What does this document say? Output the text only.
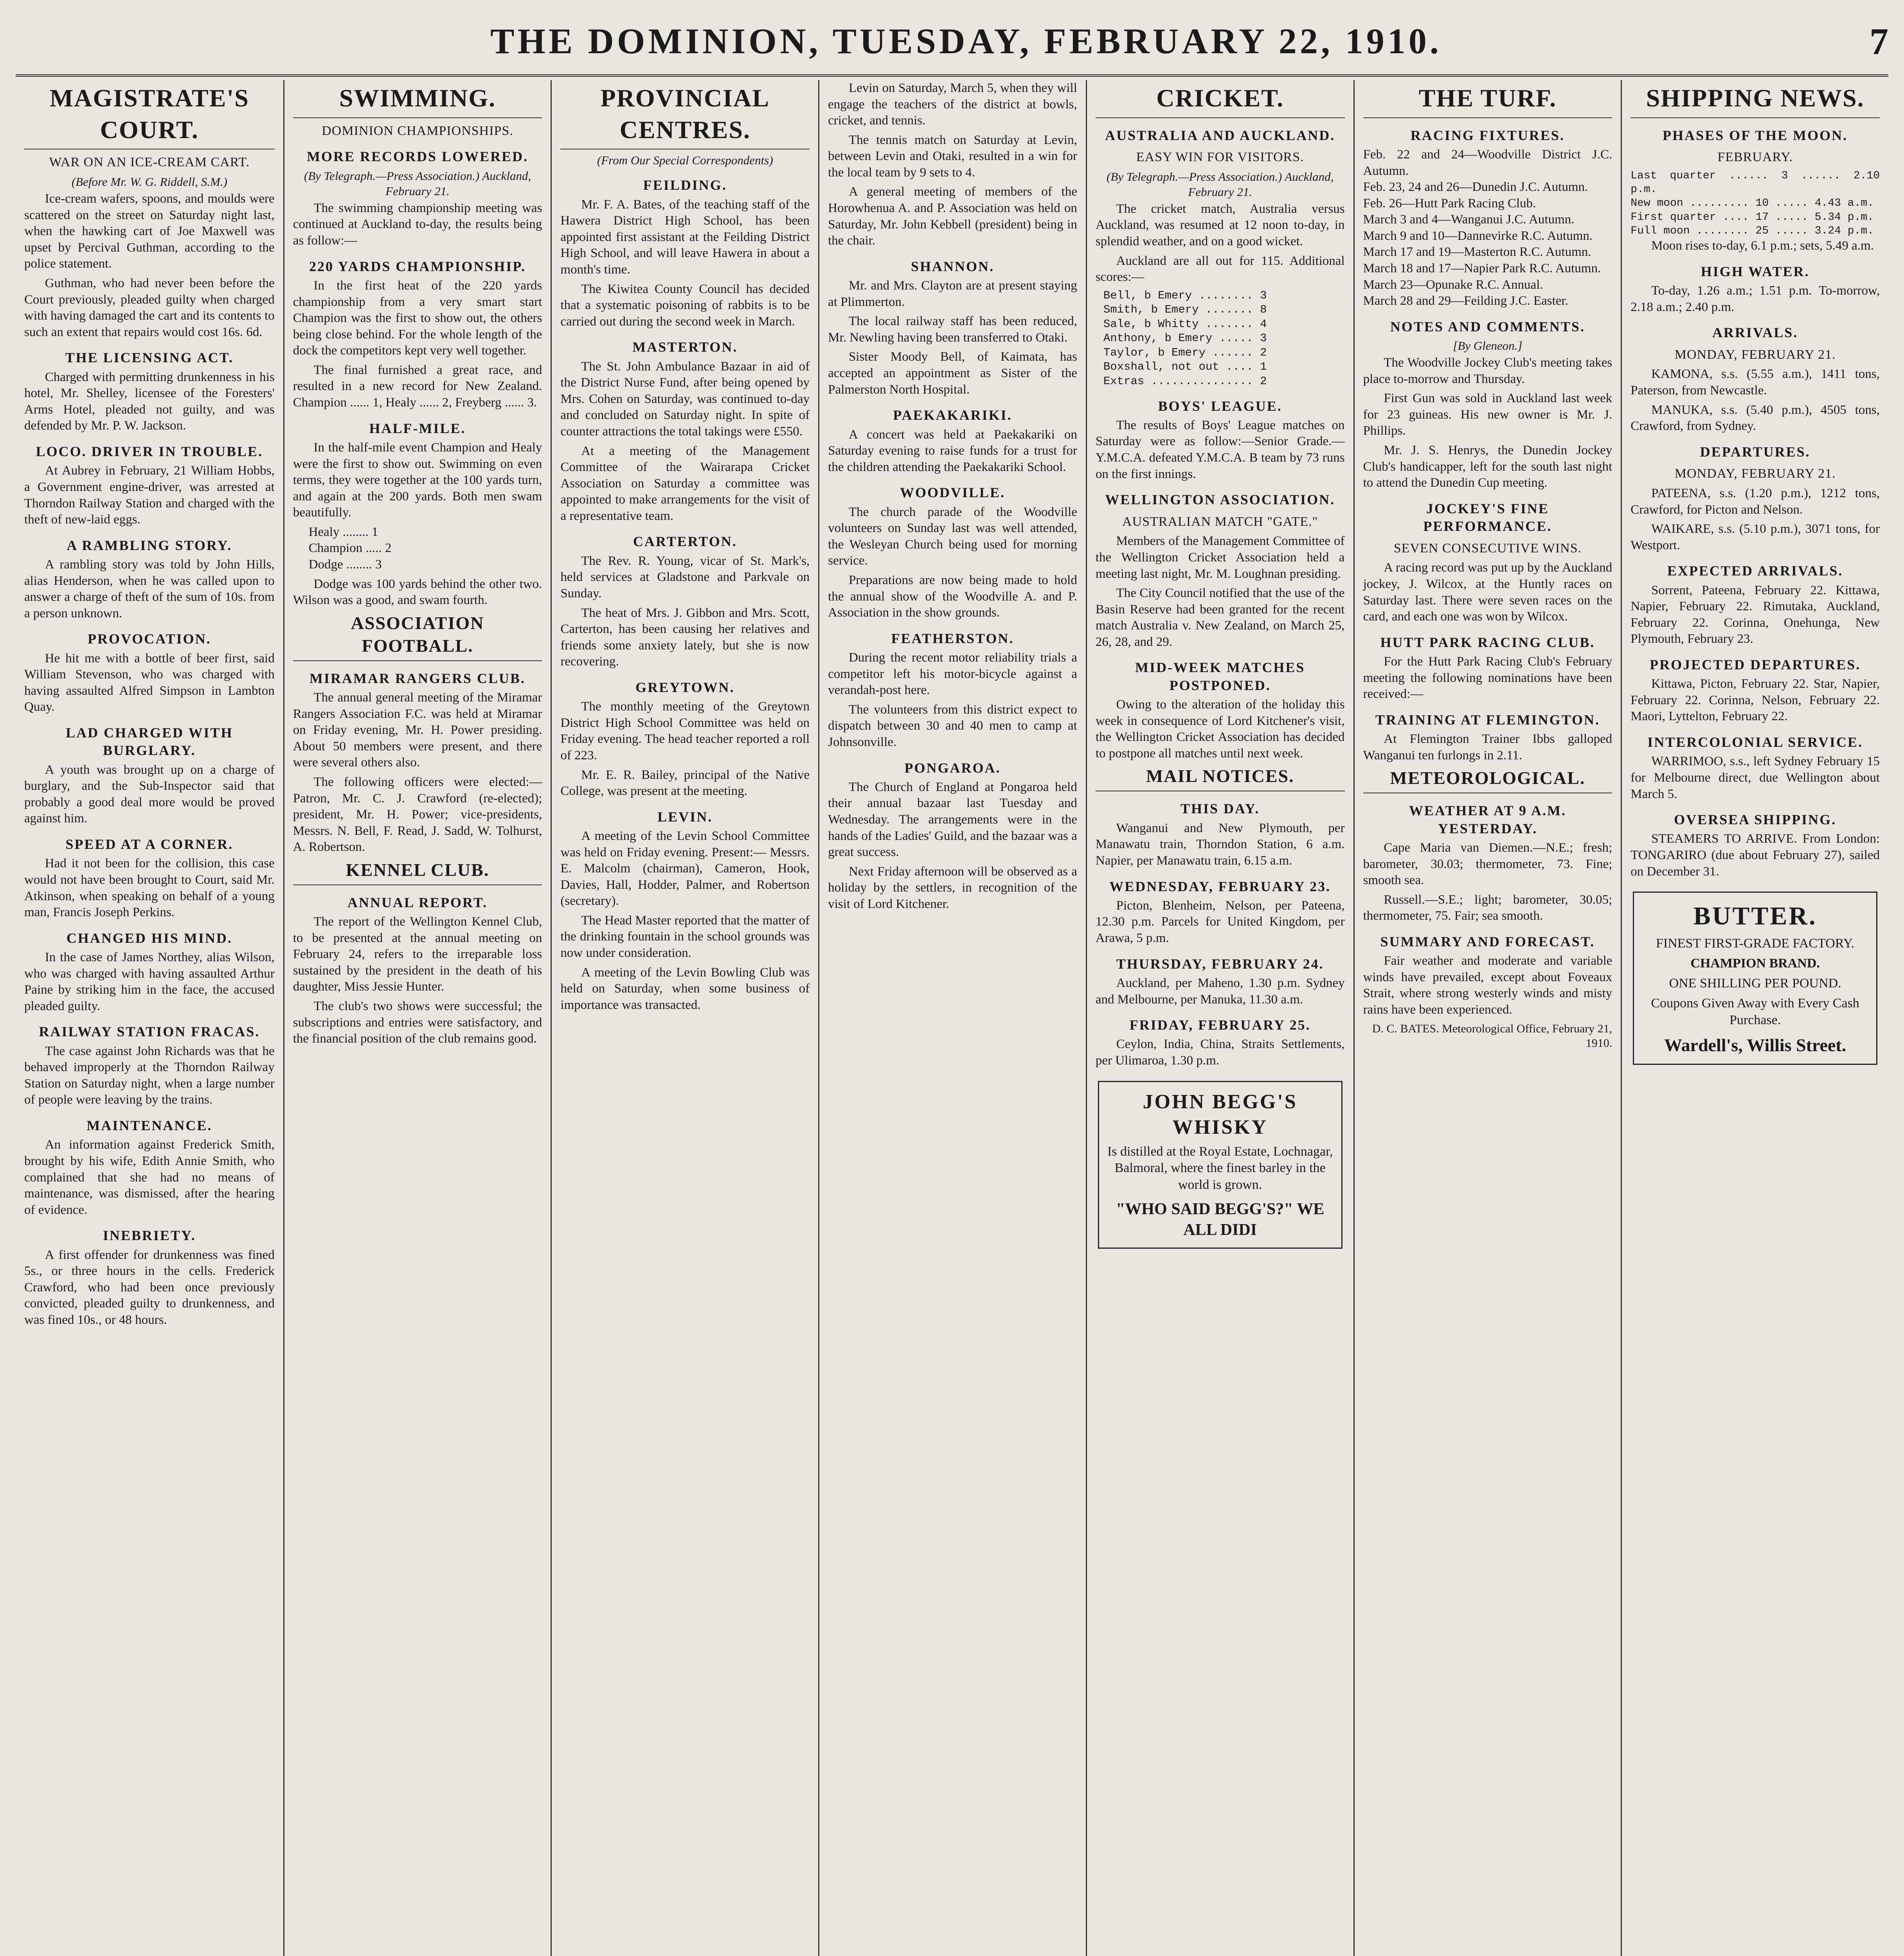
THE DOMINION, TUESDAY, FEBRUARY 22, 1910.	7
MAGISTRATE'S COURT.
WAR ON AN ICE-CREAM CART.
(Before Mr. W. G. Riddell, S.M.)

Ice-cream wafers, spoons, and moulds were scattered on the street on Saturday night last, when the hawking cart of Joe Maxwell was upset by Percival Guthman, according to the police statement.

Guthman, who had never been before the Court previously, pleaded guilty when charged with having damaged the cart and its contents to such an extent that repairs would cost 16s. 6d.

THE LICENSING ACT.

Charged with permitting drunkenness in his hotel, Mr. Shelley, licensee of the Foresters' Arms Hotel, pleaded not guilty, and was defended by Mr. P. W. Jackson.

LOCO. DRIVER IN TROUBLE.

At Aubrey in February, 21 William Hobbs, a Government engine-driver, was arrested at Thorndon Railway Station and charged with the theft of new-laid eggs.

A RAMBLING STORY.

A rambling story was told by John Hills, alias Henderson, when he was called upon to answer a charge of theft of the sum of 10s. from a person unknown.

PROVOCATION.

He hit me with a bottle of beer first, said William Stevenson, who was charged with having assaulted Alfred Simpson in Lambton Quay.

LAD CHARGED WITH BURGLARY.

A youth was brought up on a charge of burglary, and the Sub-Inspector said that probably a good deal more would be proved against him.

SPEED AT A CORNER.

Had it not been for the collision, this case would not have been brought to Court, said Mr. Atkinson, when speaking on behalf of a young man, Francis Joseph Perkins.

CHANGED HIS MIND.

In the case of James Northey, alias Wilson, who was charged with having assaulted Arthur Paine by striking him in the face, the accused pleaded guilty.

RAILWAY STATION FRACAS.

The case against John Richards was that he behaved improperly at the Thorndon Railway Station on Saturday night, when a large number of people were leaving by the trains.

MAINTENANCE.

An information against Frederick Smith, brought by his wife, Edith Annie Smith, who complained that she had no means of maintenance, was dismissed, after the hearing of evidence.

INEBRIETY.

A first offender for drunkenness was fined 5s., or three hours in the cells. Frederick Crawford, who had been once previously convicted, pleaded guilty to drunkenness, and was fined 10s., or 48 hours.

SWIMMING.
DOMINION CHAMPIONSHIPS.
MORE RECORDS LOWERED.
(By Telegraph.—Press Association.) Auckland, February 21.

The swimming championship meeting was continued at Auckland to-day, the results being as follow:—

220 YARDS CHAMPIONSHIP.

In the first heat of the 220 yards championship from a very smart start Champion was the first to show out, the others being close behind. For the whole length of the dock the competitors kept very well together.

The final furnished a great race, and resulted in a new record for New Zealand. Champion ...... 1, Healy ...... 2, Freyberg ...... 3.

HALF-MILE.

In the half-mile event Champion and Healy were the first to show out. Swimming on even terms, they were together at the 100 yards turn, and again at the 200 yards. Both men swam beautifully.

Healy ........ 1
Champion ..... 2
Dodge ........ 3

Dodge was 100 yards behind the other two. Wilson was a good, and swam fourth.

ASSOCIATION FOOTBALL.
MIRAMAR RANGERS CLUB.

The annual general meeting of the Miramar Rangers Association F.C. was held at Miramar on Friday evening, Mr. H. Power presiding. About 50 members were present, and there were several others also.

The following officers were elected:—Patron, Mr. C. J. Crawford (re-elected); president, Mr. H. Power; vice-presidents, Messrs. N. Bell, F. Read, J. Sadd, W. Tolhurst, A. Robertson.

KENNEL CLUB.
ANNUAL REPORT.

The report of the Wellington Kennel Club, to be presented at the annual meeting on February 24, refers to the irreparable loss sustained by the president in the death of his daughter, Miss Jessie Hunter.

The club's two shows were successful; the subscriptions and entries were satisfactory, and the financial position of the club remains good.

PROVINCIAL CENTRES.
(From Our Special Correspondents)
FEILDING.

Mr. F. A. Bates, of the teaching staff of the Hawera District High School, has been appointed first assistant at the Feilding District High School, and will leave Hawera in about a month's time.

The Kiwitea County Council has decided that a systematic poisoning of rabbits is to be carried out during the second week in March.

MASTERTON.

The St. John Ambulance Bazaar in aid of the District Nurse Fund, after being opened by Mrs. Cohen on Saturday, was continued to-day and concluded on Saturday night. In spite of counter attractions the total takings were £550.

At a meeting of the Management Committee of the Wairarapa Cricket Association on Saturday a committee was appointed to make arrangements for the visit of a representative team.

CARTERTON.

The Rev. R. Young, vicar of St. Mark's, held services at Gladstone and Parkvale on Sunday.

The heat of Mrs. J. Gibbon and Mrs. Scott, Carterton, has been causing her relatives and friends some anxiety lately, but she is now recovering.

GREYTOWN.

The monthly meeting of the Greytown District High School Committee was held on Friday evening. The head teacher reported a roll of 223.

Mr. E. R. Bailey, principal of the Native College, was present at the meeting.

LEVIN.

A meeting of the Levin School Committee was held on Friday evening. Present:— Messrs. E. Malcolm (chairman), Cameron, Hook, Davies, Hall, Hodder, Palmer, and Robertson (secretary).

The Head Master reported that the matter of the drinking fountain in the school grounds was now under consideration.

A meeting of the Levin Bowling Club was held on Saturday, when some business of importance was transacted.

Levin on Saturday, March 5, when they will engage the teachers of the district at bowls, cricket, and tennis.

The tennis match on Saturday at Levin, between Levin and Otaki, resulted in a win for the local team by 9 sets to 4.

A general meeting of members of the Horowhenua A. and P. Association was held on Saturday, Mr. John Kebbell (president) being in the chair.

SHANNON.

Mr. and Mrs. Clayton are at present staying at Plimmerton.

The local railway staff has been reduced, Mr. Newling having been transferred to Otaki.

Sister Moody Bell, of Kaimata, has accepted an appointment as Sister of the Palmerston North Hospital.

PAEKAKARIKI.

A concert was held at Paekakariki on Saturday evening to raise funds for a trust for the children attending the Paekakariki School.

WOODVILLE.

The church parade of the Woodville volunteers on Sunday last was well attended, the Wesleyan Church being used for morning service.

Preparations are now being made to hold the annual show of the Woodville A. and P. Association in the show grounds.

FEATHERSTON.

During the recent motor reliability trials a competitor left his motor-bicycle against a verandah-post here.

The volunteers from this district expect to dispatch between 30 and 40 men to camp at Johnsonville.

PONGAROA.

The Church of England at Pongaroa held their annual bazaar last Tuesday and Wednesday. The arrangements were in the hands of the Ladies' Guild, and the bazaar was a great success.

Next Friday afternoon will be observed as a holiday by the settlers, in recognition of the visit of Lord Kitchener.

CRICKET.
AUSTRALIA AND AUCKLAND.
EASY WIN FOR VISITORS.
(By Telegraph.—Press Association.) Auckland, February 21.

The cricket match, Australia versus Auckland, was resumed at 12 noon to-day, in splendid weather, and on a good wicket.

Auckland are all out for 115. Additional scores:—

Bell, b Emery ........ 3
Smith, b Emery ....... 8
Sale, b Whitty ....... 4
Anthony, b Emery ..... 3
Taylor, b Emery ...... 2
Boxshall, not out .... 1
Extras ............... 2
BOYS' LEAGUE.

The results of Boys' League matches on Saturday were as follow:—Senior Grade.—Y.M.C.A. defeated Y.M.C.A. B team by 73 runs on the first innings.

WELLINGTON ASSOCIATION.
AUSTRALIAN MATCH "GATE."

Members of the Management Committee of the Wellington Cricket Association held a meeting last night, Mr. M. Loughnan presiding.

The City Council notified that the use of the Basin Reserve had been granted for the recent match Australia v. New Zealand, on March 25, 26, 28, and 29.

MID-WEEK MATCHES POSTPONED.

Owing to the alteration of the holiday this week in consequence of Lord Kitchener's visit, the Wellington Cricket Association has decided to postpone all matches until next week.

MAIL NOTICES.
THIS DAY.

Wanganui and New Plymouth, per Manawatu train, Thorndon Station, 6 a.m. Napier, per Manawatu train, 6.15 a.m.

WEDNESDAY, FEBRUARY 23.

Picton, Blenheim, Nelson, per Pateena, 12.30 p.m. Parcels for United Kingdom, per Arawa, 5 p.m.

THURSDAY, FEBRUARY 24.

Auckland, per Maheno, 1.30 p.m. Sydney and Melbourne, per Manuka, 11.30 a.m.

FRIDAY, FEBRUARY 25.

Ceylon, India, China, Straits Settlements, per Ulimaroa, 1.30 p.m.

JOHN BEGG'S WHISKY
Is distilled at the Royal Estate, Lochnagar, Balmoral, where the finest barley in the world is grown.
"WHO SAID BEGG'S?" WE ALL DIDI
THE TURF.
RACING FIXTURES.
Feb. 22 and 24—Woodville District J.C. Autumn.
Feb. 23, 24 and 26—Dunedin J.C. Autumn.
Feb. 26—Hutt Park Racing Club.
March 3 and 4—Wanganui J.C. Autumn.
March 9 and 10—Dannevirke R.C. Autumn.
March 17 and 19—Masterton R.C. Autumn.
March 18 and 17—Napier Park R.C. Autumn.
March 23—Opunake R.C. Annual.
March 28 and 29—Feilding J.C. Easter.
NOTES AND COMMENTS.
[By Gleneon.]

The Woodville Jockey Club's meeting takes place to-morrow and Thursday.

First Gun was sold in Auckland last week for 23 guineas. His new owner is Mr. J. Phillips.

Mr. J. S. Henrys, the Dunedin Jockey Club's handicapper, left for the south last night to attend the Dunedin Cup meeting.

JOCKEY'S FINE PERFORMANCE.
SEVEN CONSECUTIVE WINS.

A racing record was put up by the Auckland jockey, J. Wilcox, at the Huntly races on Saturday last. There were seven races on the card, and each one was won by Wilcox.

HUTT PARK RACING CLUB.

For the Hutt Park Racing Club's February meeting the following nominations have been received:—

TRAINING AT FLEMINGTON.

At Flemington Trainer Ibbs galloped Wanganui ten furlongs in 2.11.

METEOROLOGICAL.
WEATHER AT 9 A.M. YESTERDAY.

Cape Maria van Diemen.—N.E.; fresh; barometer, 30.03; thermometer, 73. Fine; smooth sea.

Russell.—S.E.; light; barometer, 30.05; thermometer, 75. Fair; sea smooth.

SUMMARY AND FORECAST.

Fair weather and moderate and variable winds have prevailed, except about Foveaux Strait, where strong westerly winds and misty rains have been experienced.

D. C. BATES. Meteorological Office, February 21, 1910.
SHIPPING NEWS.
PHASES OF THE MOON.
FEBRUARY.
Last quarter ...... 3 ...... 2.10 p.m.
New moon ......... 10 ..... 4.43 a.m.
First quarter .... 17 ..... 5.34 p.m.
Full moon ........ 25 ..... 3.24 p.m.

Moon rises to-day, 6.1 p.m.; sets, 5.49 a.m.

HIGH WATER.

To-day, 1.26 a.m.; 1.51 p.m. To-morrow, 2.18 a.m.; 2.40 p.m.

ARRIVALS.
MONDAY, FEBRUARY 21.

KAMONA, s.s. (5.55 a.m.), 1411 tons, Paterson, from Newcastle.

MANUKA, s.s. (5.40 p.m.), 4505 tons, Crawford, from Sydney.

DEPARTURES.
MONDAY, FEBRUARY 21.

PATEENA, s.s. (1.20 p.m.), 1212 tons, Crawford, for Picton and Nelson.

WAIKARE, s.s. (5.10 p.m.), 3071 tons, for Westport.

EXPECTED ARRIVALS.

Sorrent, Pateena, February 22. Kittawa, Napier, February 22. Rimutaka, Auckland, February 22. Corinna, Onehunga, New Plymouth, February 23.

PROJECTED DEPARTURES.

Kittawa, Picton, February 22. Star, Napier, February 22. Corinna, Nelson, February 22. Maori, Lyttelton, February 22.

INTERCOLONIAL SERVICE.

WARRIMOO, s.s., left Sydney February 15 for Melbourne direct, due Wellington about March 5.

OVERSEA SHIPPING.

STEAMERS TO ARRIVE. From London: TONGARIRO (due about February 27), sailed on December 31.

BUTTER.
FINEST FIRST-GRADE FACTORY.
CHAMPION BRAND.
ONE SHILLING PER POUND.
Coupons Given Away with Every Cash Purchase.
Wardell's, Willis Street.
